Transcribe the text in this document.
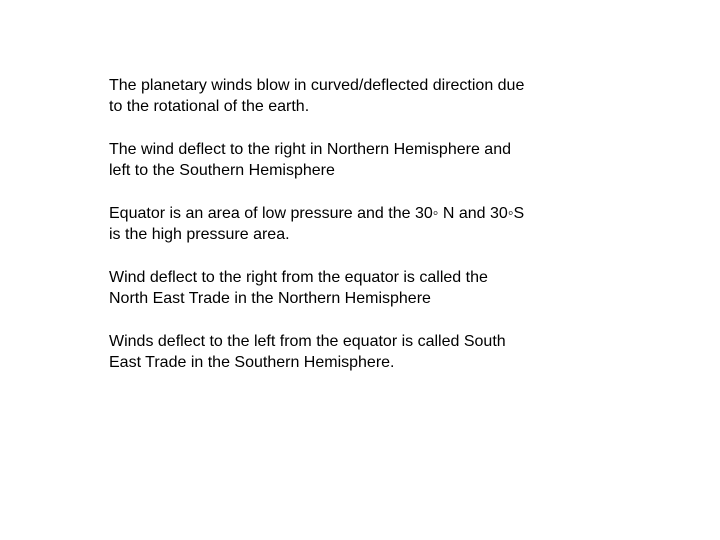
The planetary winds blow in curved/deflected direction due
to the rotational of the earth.

The wind deflect to the right in Northern Hemisphere and
left to the Southern Hemisphere

Equator is an area of low pressure and the 30◦ N and 30◦S
is the high pressure area.

Wind deflect to the right from the equator is called the
North East Trade in the Northern Hemisphere

Winds deflect to the left from the equator is called South
East Trade in the Southern Hemisphere.
